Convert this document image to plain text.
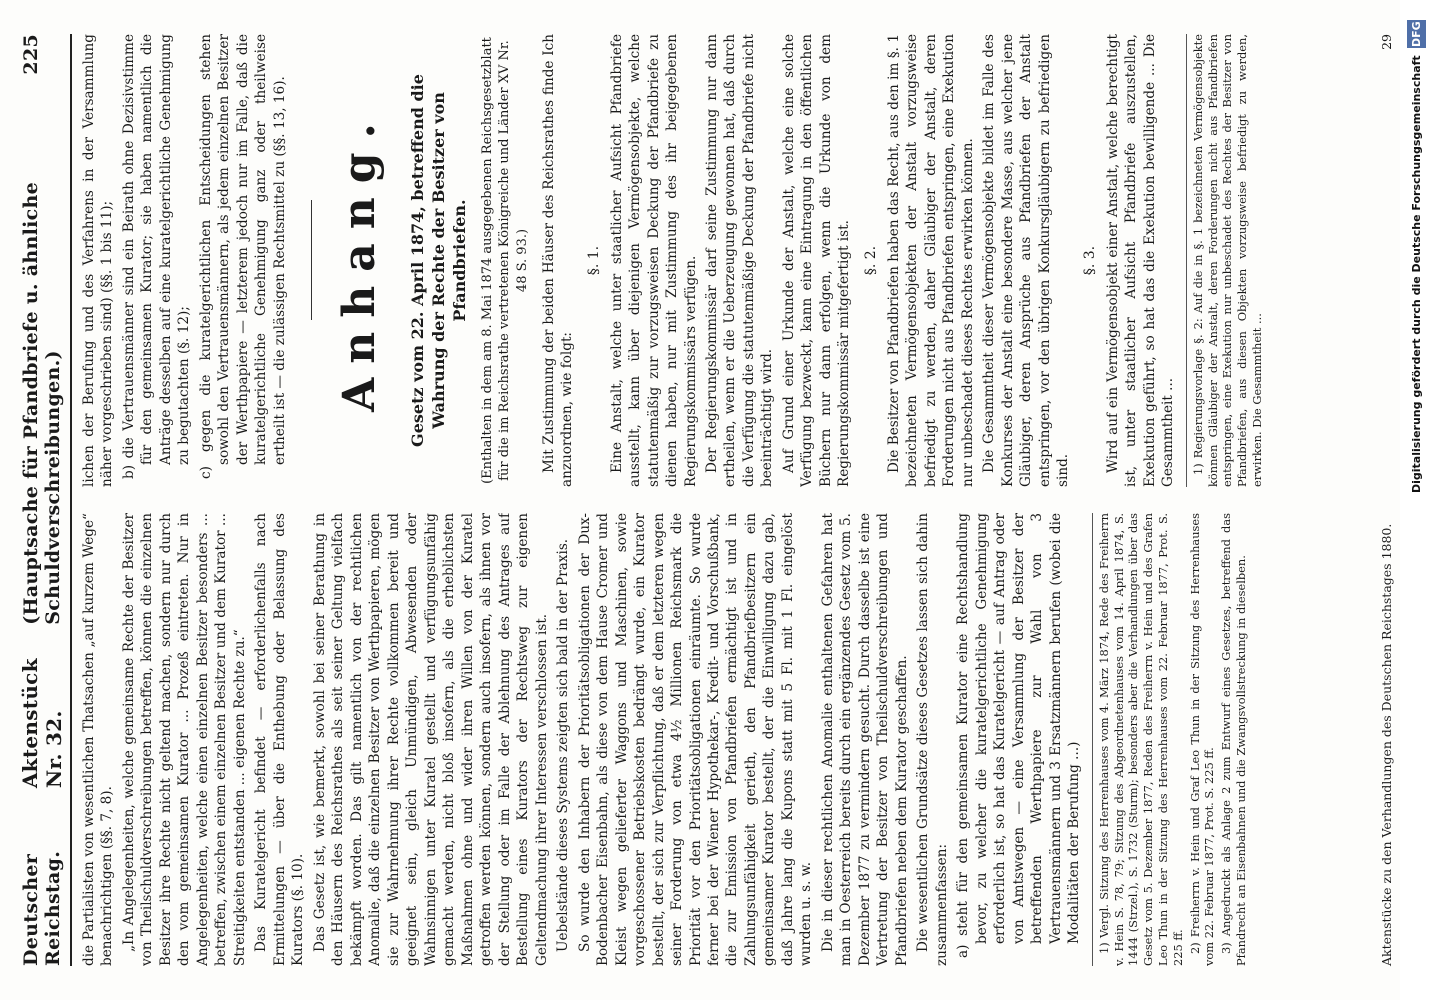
Deutscher Reichstag.
Aktenstück Nr. 32.
(Hauptsache für Pfandbriefe u. ähnliche Schuldverschreibungen.)
225

die Partialisten von wesentlichen Thatsachen „auf kurzem Wege“ benachrichtigen (§§. 7, 8). „In Angelegenheiten, welche gemeinsame Rechte der Besitzer von Theilschuldverschreibungen betreffen, können die einzelnen Besitzer ihre Rechte nicht geltend machen, sondern nur durch den vom gemeinsamen Kurator ... Prozeß eintreten. Nur in Angelegenheiten, welche einen einzelnen Besitzer besonders ... betreffen, zwischen einem einzelnen Besitzer und dem Kurator ... Streitigkeiten entstanden ... eigenen Rechte zu.“ Das Kuratelgericht befindet — erforderlichenfalls nach Ermittelungen — über die Enthebung oder Belassung des Kurators (§. 10). Das Gesetz ist, wie bemerkt, sowohl bei seiner Berathung in den Häusern des Reichsrathes als seit seiner Geltung vielfach bekämpft worden. Das gilt namentlich von der rechtlichen Anomalie, daß die einzelnen Besitzer von Werthpapieren, mögen sie zur Wahrnehmung ihrer Rechte vollkommen bereit und geeignet sein, gleich Unmündigen, Abwesenden oder Wahnsinnigen unter Kuratel gestellt und verfügungsunfähig gemacht werden, nicht bloß insofern, als die erheblichsten Maßnahmen ohne und wider ihren Willen von der Kuratel getroffen werden können, sondern auch insofern, als ihnen vor der Stellung oder im Falle der Ablehnung des Antrages auf Bestellung eines Kurators der Rechtsweg zur eigenen Geltendmachung ihrer Interessen verschlossen ist. Uebelstände dieses Systems zeigten sich bald in der Praxis. So wurde den Inhabern der Prioritätsobligationen der Dux-Bodenbacher Eisenbahn, als diese von dem Hause Cromer und Kleist wegen gelieferter Waggons und Maschinen, sowie vorgeschossener Betriebskosten bedrängt wurde, ein Kurator bestellt, der sich zur Verpflichtung, daß er dem letzteren wegen seiner Forderung von etwa 4½ Millionen Reichsmark die Priorität vor den Prioritätsobligationen einräumte. So wurde ferner bei der Wiener Hypothekar-, Kredit- und Vorschußbank, die zur Emission von Pfandbriefen ermächtigt ist und in Zahlungsunfähigkeit gerieth, den Pfandbriefbesitzern ein gemeinsamer Kurator bestellt, der die Einwilligung dazu gab, daß Jahre lang die Kupons statt mit 5 Fl. mit 1 Fl. eingelöst wurden u. s. w. Die in dieser rechtlichen Anomalie enthaltenen Gefahren hat man in Oesterreich bereits durch ein ergänzendes Gesetz vom 5. Dezember 1877 zu vermindern gesucht. Durch dasselbe ist eine Vertretung der Besitzer von Theilschuldverschreibungen und Pfandbriefen neben dem Kurator geschaffen. Die wesentlichen Grundsätze dieses Gesetzes lassen sich dahin zusammenfassen: a) steht für den gemeinsamen Kurator eine Rechtshandlung bevor, zu welcher die kuratelgerichtliche Genehmigung erforderlich ist, so hat das Kuratelgericht — auf Antrag oder von Amtswegen — eine Versammlung der Besitzer der betreffenden Werthpapiere zur Wahl von 3 Vertrauensmännern und 3 Ersatzmännern berufen (wobei die Modalitäten der Berufung ...) 1) Vergl. Sitzung des Herrenhauses vom 4. März 1874, Rede des Freiherrn v. Hein S. 78, 79; Sitzung des Abgeordnetenhauses vom 14. April 1874, S. 1444 (Strzel.), S. 1732 (Sturm); besonders aber die Verhandlungen über das Gesetz vom 5. Dezember 1877, Reden des Freiherrn v. Hein und des Grafen Leo Thun in der Sitzung des Herrenhauses vom 22. Februar 1877, Prot. S. 225 ff. 2) Freiherrn v. Hein und Graf Leo Thun in der Sitzung des Herrenhauses vom 22. Februar 1877, Prot. S. 225 ff. 3) Angedruckt als Anlage 2 zum Entwurf eines Gesetzes, betreffend das Pfandrecht an Eisenbahnen und die Zwangsvollstreckung in dieselben.

lichen der Berufung und des Verfahrens in der Versammlung näher vorgeschrieben sind) (§§. 1 bis 11); b) die Vertrauensmänner sind ein Beirath ohne Dezisivstimme für den gemeinsamen Kurator; sie haben namentlich die Anträge desselben auf eine kuratelgerichtliche Genehmigung zu begutachten (§. 12); c) gegen die kuratelgerichtlichen Entscheidungen stehen sowohl den Vertrauensmännern, als jedem einzelnen Besitzer der Werthpapiere — letzterem jedoch nur im Falle, daß die kuratelgerichtliche Genehmigung ganz oder theilweise ertheilt ist — die zulässigen Rechtsmittel zu (§§. 13, 16). Anhang.	Gesetz vom 22. April 1874, betreffend die Wahrung der Rechte der Besitzer von Pfandbriefen. (Enthalten in dem am 8. Mai 1874 ausgegebenen Reichsgesetzblatt für die im Reichsrathe vertretenen Königreiche und Länder XV Nr. 48 S. 93.) Mit Zustimmung der beiden Häuser des Reichsrathes finde Ich anzuordnen, wie folgt:

§. 1. Eine Anstalt, welche unter staatlicher Aufsicht Pfandbriefe ausstellt, kann über diejenigen Vermögensobjekte, welche statutenmäßig zur vorzugsweisen Deckung der Pfandbriefe zu dienen haben, nur mit Zustimmung des ihr beigegebenen Regierungskommissärs verfügen. Der Regierungskommissär darf seine Zustimmung nur dann ertheilen, wenn er die Ueberzeugung gewonnen hat, daß durch die Verfügung die statutenmäßige Deckung der Pfandbriefe nicht beeinträchtigt wird. Auf Grund einer Urkunde der Anstalt, welche eine solche Verfügung bezweckt, kann eine Eintragung in den öffentlichen Büchern nur dann erfolgen, wenn die Urkunde von dem Regierungskommissär mitgefertigt ist. §. 2. Die Besitzer von Pfandbriefen haben das Recht, aus den im §. 1 bezeichneten Vermögensobjekten der Anstalt vorzugsweise befriedigt zu werden, daher Gläubiger der Anstalt, deren Forderungen nicht aus Pfandbriefen entspringen, eine Exekution nur unbeschadet dieses Rechtes erwirken können. Die Gesammtheit dieser Vermögensobjekte bildet im Falle des Konkurses der Anstalt eine besondere Masse, aus welcher jene Gläubiger, deren Ansprüche aus Pfandbriefen der Anstalt entspringen, vor den übrigen Konkursgläubigern zu befriedigen sind.

§. 3. Wird auf ein Vermögensobjekt einer Anstalt, welche berechtigt ist, unter staatlicher Aufsicht Pfandbriefe auszustellen, Exekution geführt, so hat das die Exekution bewilligende ... Die Gesammtheit ... 1) Regierungsvorlage §. 2: Auf die in §. 1 bezeichneten Vermögensobjekte können Gläubiger der Anstalt, deren Forderungen nicht aus Pfandbriefen entspringen, eine Exekution nur unbeschadet des Rechtes der Besitzer von Pfandbriefen, aus diesen Objekten vorzugsweise befriedigt zu werden, erwirken. Die Gesammtheit ...

Aktenstücke zu den Verhandlungen des Deutschen Reichstages 1880.
29
Digitalisierung gefördert durch die Deutsche Forschungsgemeinschaft DFG
